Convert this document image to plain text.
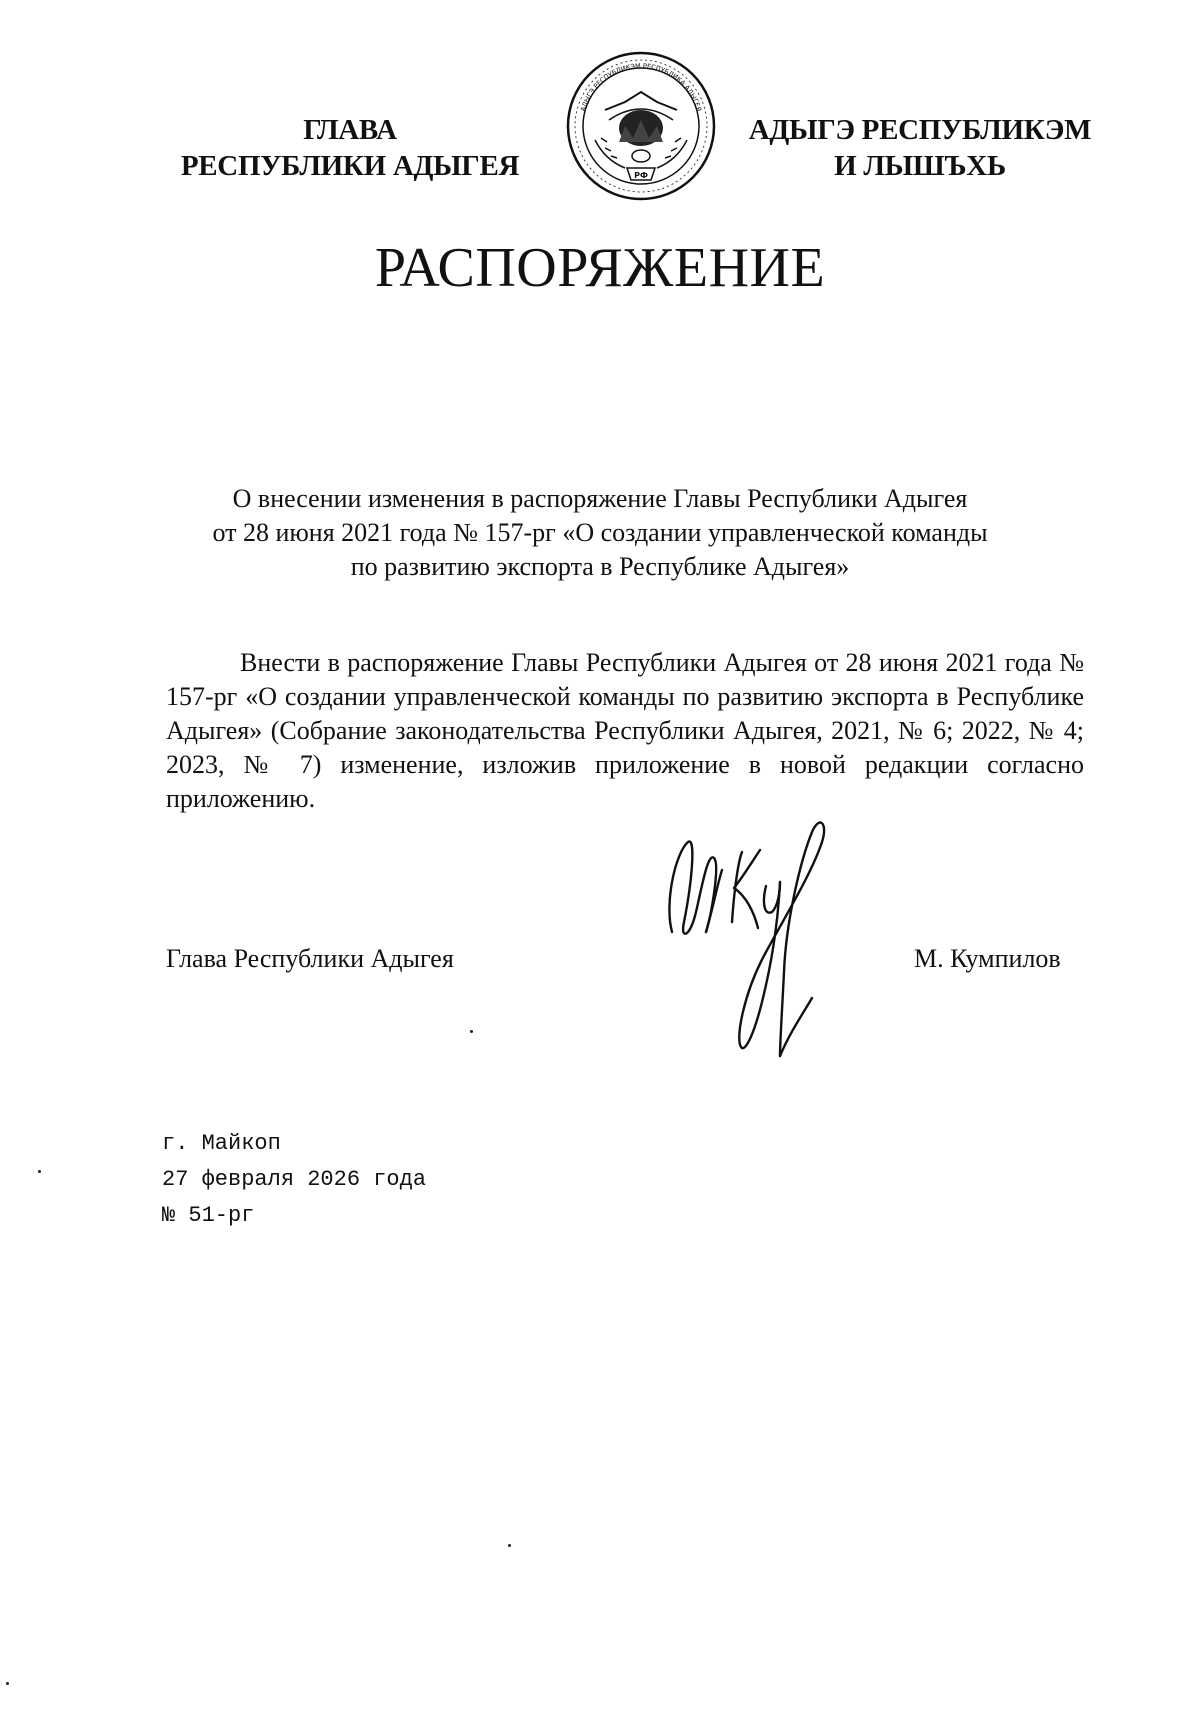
ГЛАВА
РЕСПУБЛИКИ АДЫГЕЯ	РФ
АДЫГЭ РЕСПУБЛИКЭМ РЕСПУБЛИКА АДЫГЕЯ
АДЫГЭ РЕСПУБЛИКЭМ
И ЛЫШЪХЬ
РАСПОРЯЖЕНИЕ
О внесении изменения в распоряжение Главы Республики Адыгея
от 28 июня 2021 года № 157-рг «О создании управленческой команды
по развитию экспорта в Республике Адыгея»
Внести в распоряжение Главы Республики Адыгея от 28 июня 2021 года № 157-рг «О создании управленческой команды по развитию экспорта в Республике Адыгея» (Собрание законодательства Республики Адыгея, 2021, № 6; 2022, № 4; 2023, № 7) изменение, изложив приложение в новой редакции согласно приложению.
Глава Республики Адыгея	М. Кумпилов
г. Майкоп
27 февраля 2026 года
№ 51-рг
